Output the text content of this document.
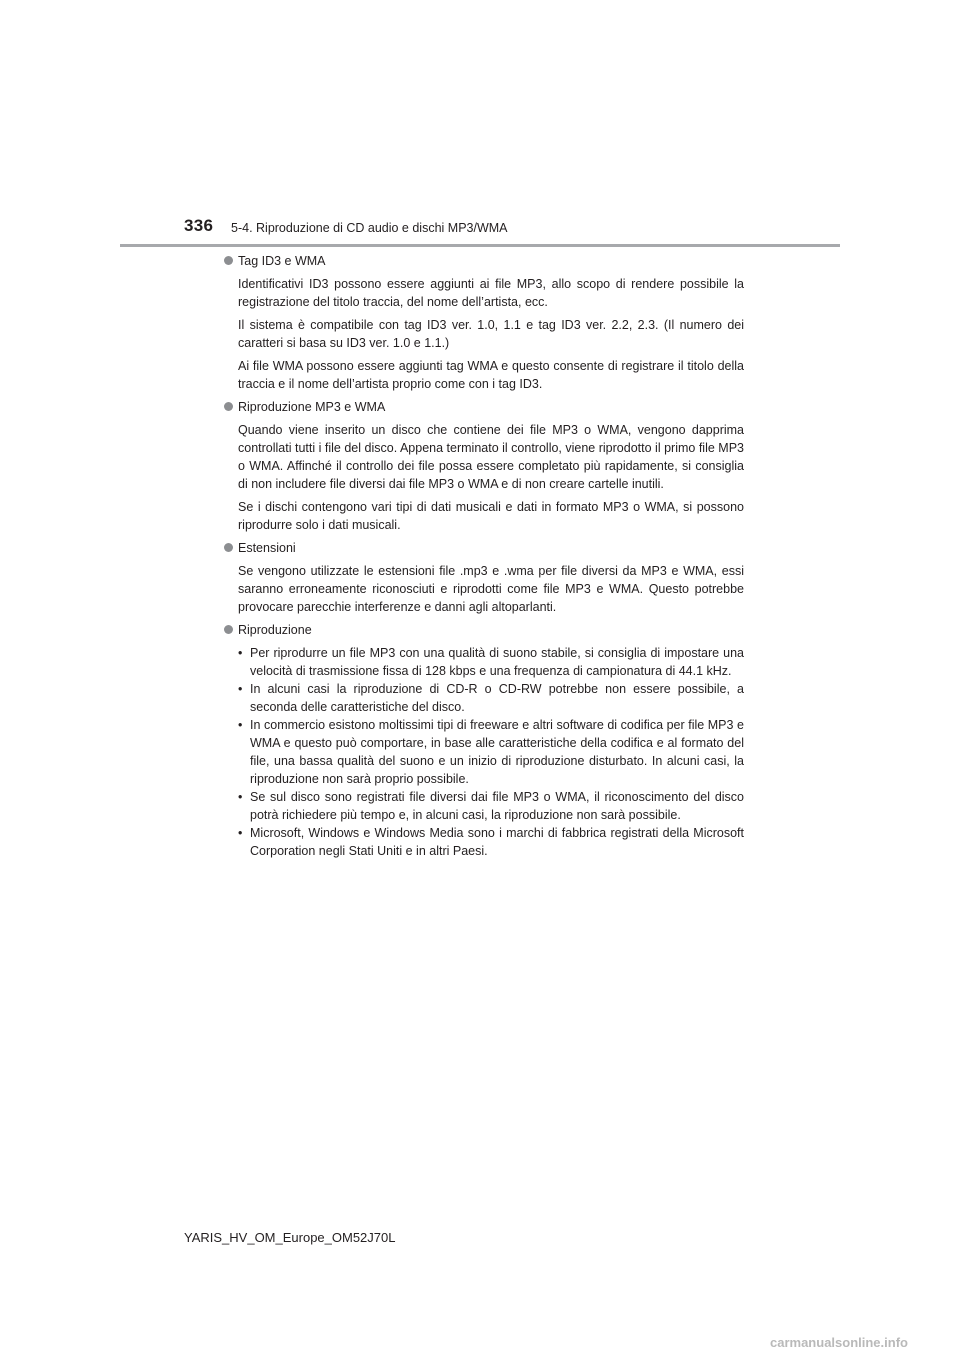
336 5-4. Riproduzione di CD audio e dischi MP3/WMA

Tag ID3 e WMA

Identificativi ID3 possono essere aggiunti ai file MP3, allo scopo di rendere possibile la registrazione del titolo traccia, del nome dell’artista, ecc.

Il sistema è compatibile con tag ID3 ver. 1.0, 1.1 e tag ID3 ver. 2.2, 2.3. (Il numero dei caratteri si basa su ID3 ver. 1.0 e 1.1.)

Ai file WMA possono essere aggiunti tag WMA e questo consente di registrare il titolo della traccia e il nome dell’artista proprio come con i tag ID3.

Riproduzione MP3 e WMA

Quando viene inserito un disco che contiene dei file MP3 o WMA, vengono dapprima controllati tutti i file del disco. Appena terminato il controllo, viene riprodotto il primo file MP3 o WMA. Affinché il controllo dei file possa essere completato più rapidamente, si consiglia di non includere file diversi dai file MP3 o WMA e di non creare cartelle inutili.

Se i dischi contengono vari tipi di dati musicali e dati in formato MP3 o WMA, si possono riprodurre solo i dati musicali.

Estensioni

Se vengono utilizzate le estensioni file .mp3 e .wma per file diversi da MP3 e WMA, essi saranno erroneamente riconosciuti e riprodotti come file MP3 e WMA. Questo potrebbe provocare parecchie interferenze e danni agli altoparlanti.

Riproduzione

• Per riprodurre un file MP3 con una qualità di suono stabile, si consiglia di impostare una velocità di trasmissione fissa di 128 kbps e una frequenza di campionatura di 44.1 kHz.
• In alcuni casi la riproduzione di CD-R o CD-RW potrebbe non essere possibile, a seconda delle caratteristiche del disco.
• In commercio esistono moltissimi tipi di freeware e altri software di codifica per file MP3 e WMA e questo può comportare, in base alle caratteristiche della codifica e al formato del file, una bassa qualità del suono e un inizio di riproduzione disturbato. In alcuni casi, la riproduzione non sarà proprio possibile.
• Se sul disco sono registrati file diversi dai file MP3 o WMA, il riconoscimento del disco potrà richiedere più tempo e, in alcuni casi, la riproduzione non sarà possibile.
• Microsoft, Windows e Windows Media sono i marchi di fabbrica registrati della Microsoft Corporation negli Stati Uniti e in altri Paesi.
YARIS_HV_OM_Europe_OM52J70L
carmanualsonline.info
